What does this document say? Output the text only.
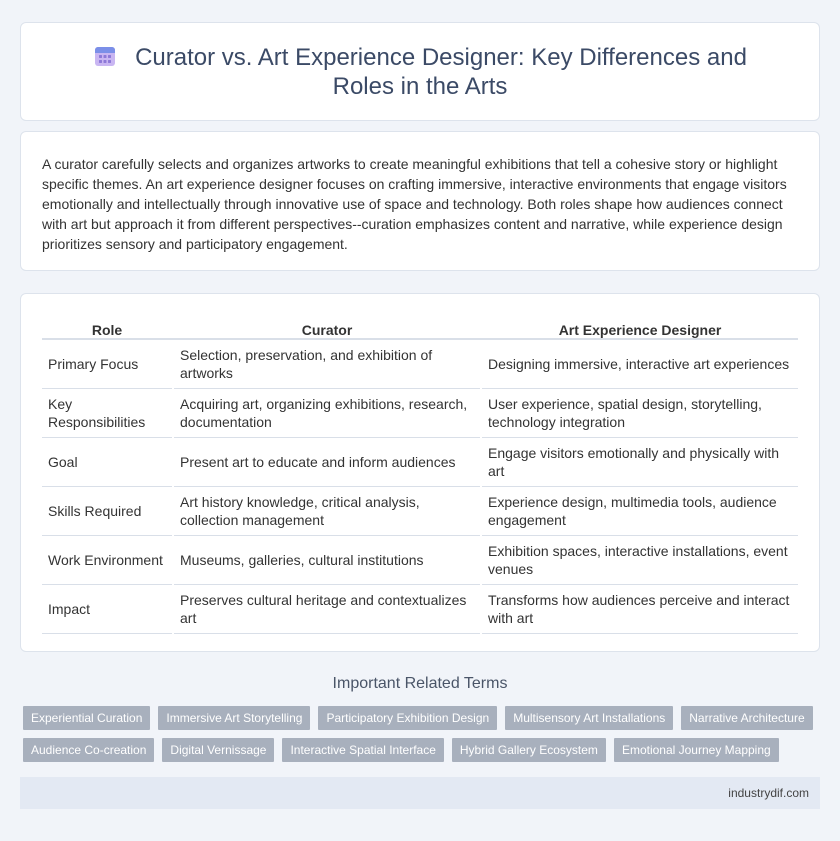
Curator vs. Art Experience Designer: Key Differences and Roles in the Arts

A curator carefully selects and organizes artworks to create meaningful exhibitions that tell a cohesive story or highlight specific themes. An art experience designer focuses on crafting immersive, interactive environments that engage visitors emotionally and intellectually through innovative use of space and technology. Both roles shape how audiences connect with art but approach it from different perspectives--curation emphasizes content and narrative, while experience design prioritizes sensory and participatory engagement.

Role	Curator	Art Experience Designer
Primary Focus	Selection, preservation, and exhibition of artworks	Designing immersive, interactive art experiences
Key Responsibilities	Acquiring art, organizing exhibitions, research, documentation	User experience, spatial design, storytelling, technology integration
Goal	Present art to educate and inform audiences	Engage visitors emotionally and physically with art
Skills Required	Art history knowledge, critical analysis, collection management	Experience design, multimedia tools, audience engagement
Work Environment	Museums, galleries, cultural institutions	Exhibition spaces, interactive installations, event venues
Impact	Preserves cultural heritage and contextualizes art	Transforms how audiences perceive and interact with art
Important Related Terms
Experiential Curation	Immersive Art Storytelling	Participatory Exhibition Design	Multisensory Art Installations	Narrative Architecture
Audience Co-creation	Digital Vernissage	Interactive Spatial Interface	Hybrid Gallery Ecosystem	Emotional Journey Mapping
industrydif.com
